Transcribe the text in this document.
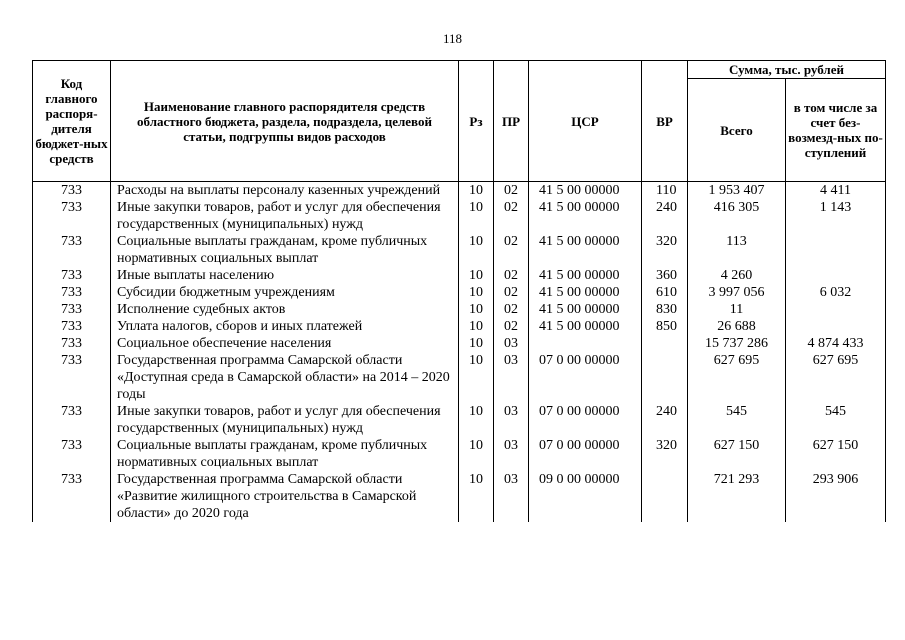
118
Код главного распоря-дителя бюджет-ных средств	Наименование главного распорядителя средств областного бюджета, раздела, подраздела, целевой статьи, подгруппы видов расходов	Рз	ПР	ЦСР	ВР	Сумма, тыс. рублей	
						Всего	в том числе за счет без-возмезд-ных по-ступлений
733	Расходы на выплаты персоналу казенных учреждений	10	02	41 5 00 00000	110	1 953 407	4 411
733	Иные закупки товаров, работ и услуг для обеспечения государственных (муниципальных) нужд	10	02	41 5 00 00000	240	416 305	1 143
733	Социальные выплаты гражданам, кроме публичных нормативных социальных выплат	10	02	41 5 00 00000	320	113	
733	Иные выплаты населению	10	02	41 5 00 00000	360	4 260	
733	Субсидии бюджетным учреждениям	10	02	41 5 00 00000	610	3 997 056	6 032
733	Исполнение судебных актов	10	02	41 5 00 00000	830	11	
733	Уплата налогов, сборов и иных платежей	10	02	41 5 00 00000	850	26 688	
733	Социальное обеспечение населения	10	03			15 737 286	4 874 433
733	Государственная программа Самарской области «Доступная среда в Самарской области» на 2014 – 2020 годы	10	03	07 0 00 00000		627 695	627 695
733	Иные закупки товаров, работ и услуг для обеспечения государственных (муниципальных) нужд	10	03	07 0 00 00000	240	545	545
733	Социальные выплаты гражданам, кроме публичных нормативных социальных выплат	10	03	07 0 00 00000	320	627 150	627 150
733	Государственная программа Самарской области «Развитие жилищного строительства в Самарской области» до 2020 года	10	03	09 0 00 00000		721 293	293 906
